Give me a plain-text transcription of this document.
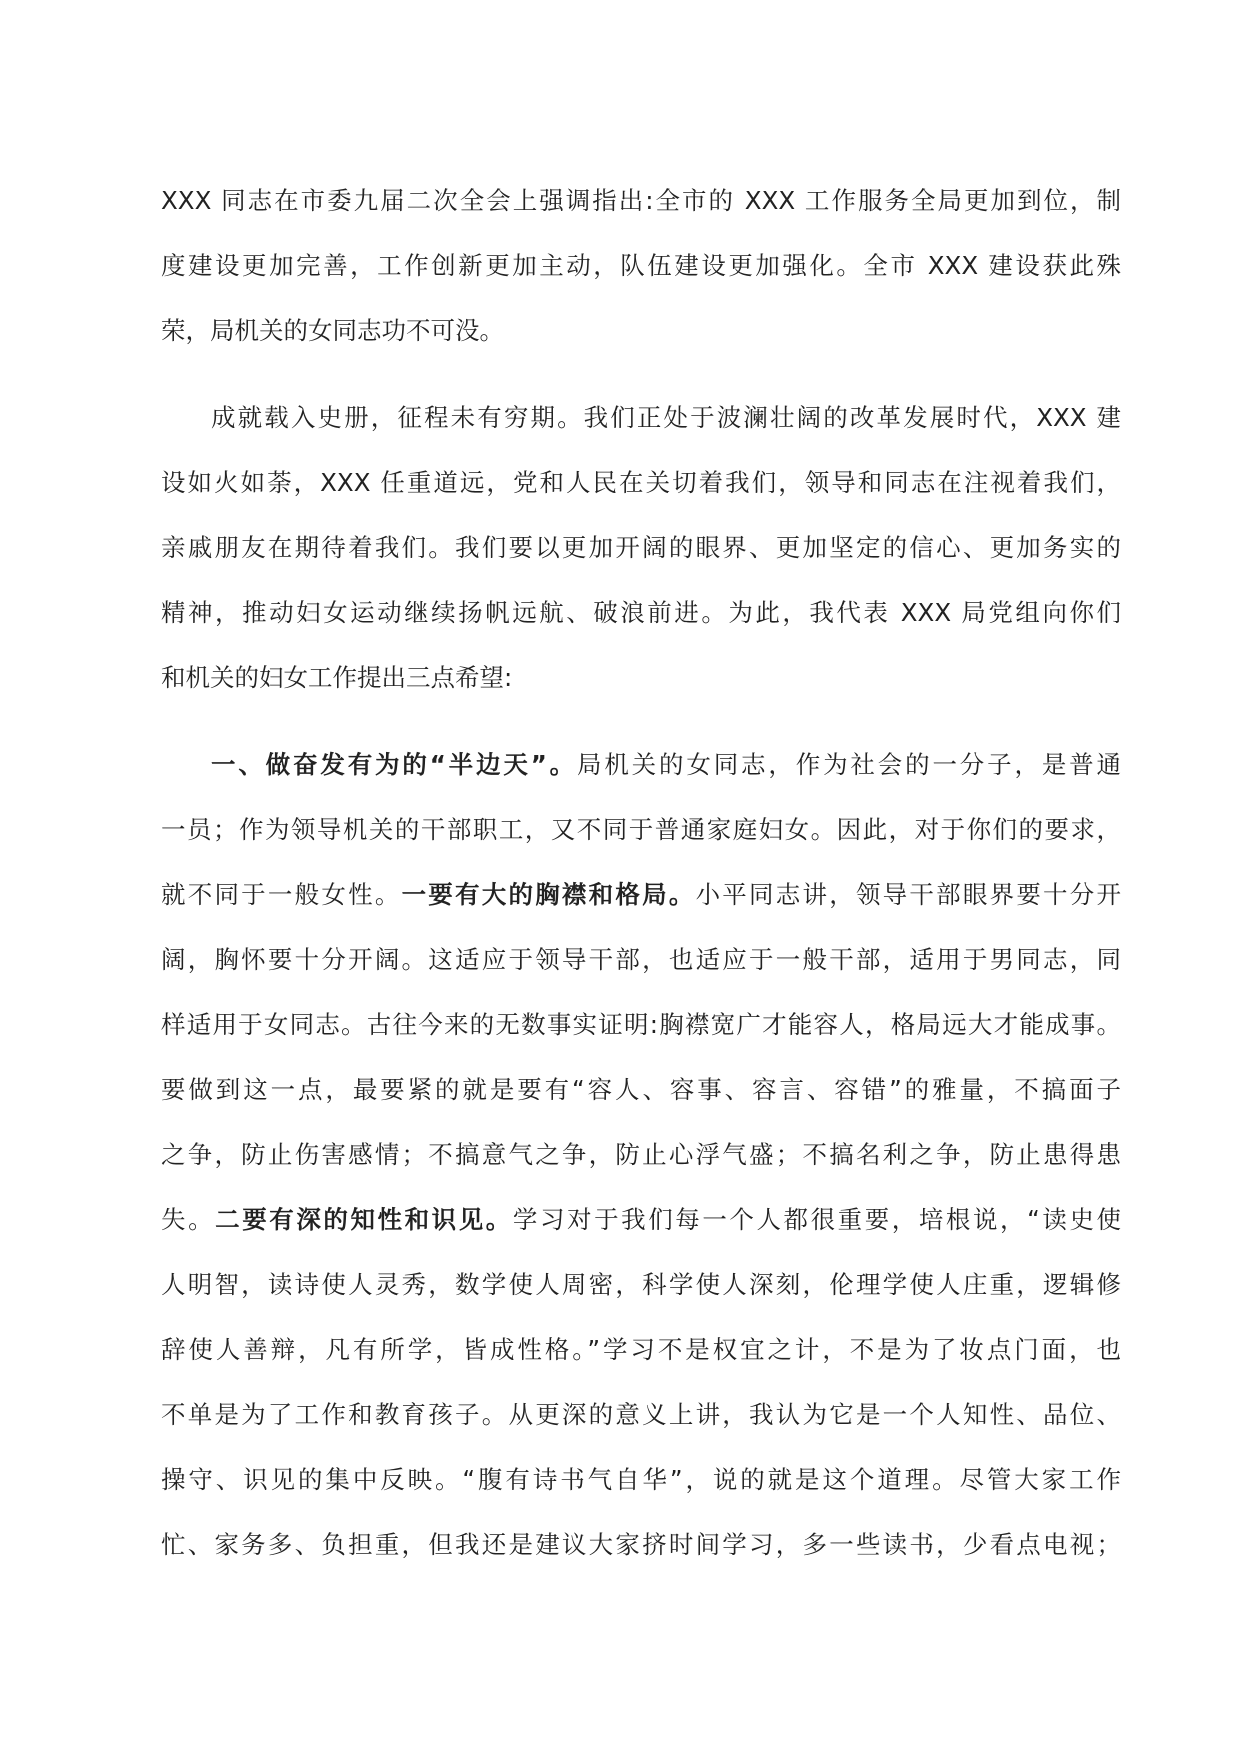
XXX 同志在市委九届二次全会上强调指出:全市的 XXX 工作服务全局更加到位，制
度建设更加完善，工作创新更加主动，队伍建设更加强化。全市 XXX 建设获此殊
荣，局机关的女同志功不可没。
成就载入史册，征程未有穷期。我们正处于波澜壮阔的改革发展时代，XXX 建
设如火如荼，XXX 任重道远，党和人民在关切着我们，领导和同志在注视着我们，
亲戚朋友在期待着我们。我们要以更加开阔的眼界、更加坚定的信心、更加务实的
精神，推动妇女运动继续扬帆远航、破浪前进。为此，我代表 XXX 局党组向你们
和机关的妇女工作提出三点希望:
一、做奋发有为的“半边天”。局机关的女同志，作为社会的一分子，是普通
一员；作为领导机关的干部职工，又不同于普通家庭妇女。因此，对于你们的要求，
就不同于一般女性。一要有大的胸襟和格局。小平同志讲，领导干部眼界要十分开
阔，胸怀要十分开阔。这适应于领导干部，也适应于一般干部，适用于男同志，同
样适用于女同志。古往今来的无数事实证明:胸襟宽广才能容人，格局远大才能成事。
要做到这一点，最要紧的就是要有“容人、容事、容言、容错”的雅量，不搞面子
之争，防止伤害感情；不搞意气之争，防止心浮气盛；不搞名利之争，防止患得患
失。二要有深的知性和识见。学习对于我们每一个人都很重要，培根说，“读史使
人明智，读诗使人灵秀，数学使人周密，科学使人深刻，伦理学使人庄重，逻辑修
辞使人善辩，凡有所学，皆成性格。”学习不是权宜之计，不是为了妆点门面，也
不单是为了工作和教育孩子。从更深的意义上讲，我认为它是一个人知性、品位、
操守、识见的集中反映。“腹有诗书气自华”，说的就是这个道理。尽管大家工作
忙、家务多、负担重，但我还是建议大家挤时间学习，多一些读书，少看点电视；
